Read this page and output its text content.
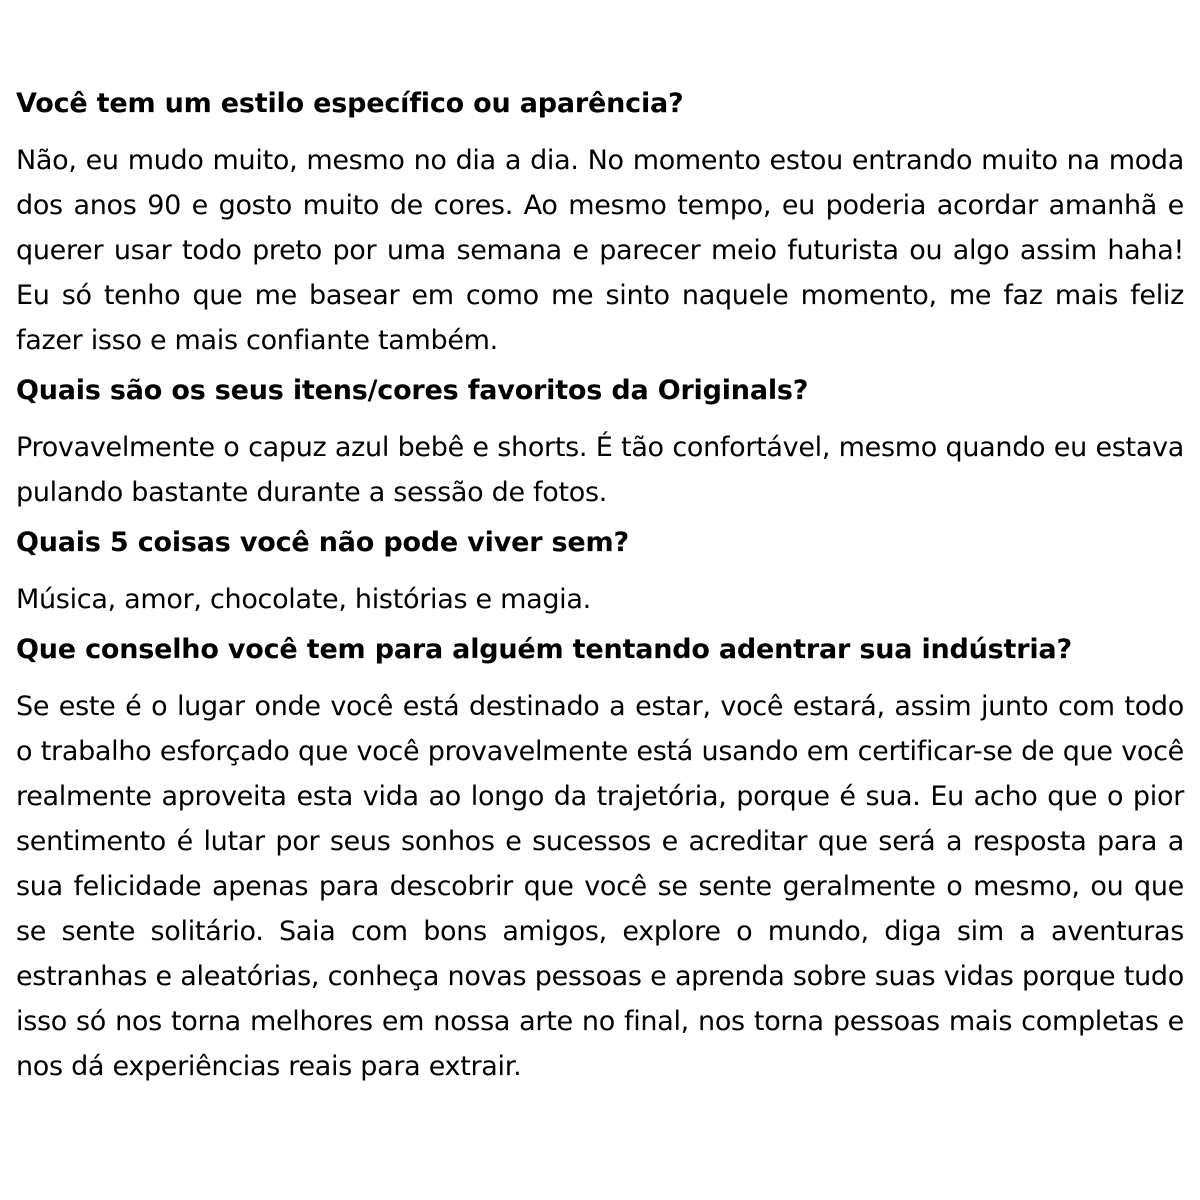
Você tem um estilo específico ou aparência?

Não, eu mudo muito, mesmo no dia a dia. No momento estou entrando muito na moda dos anos 90 e gosto muito de cores. Ao mesmo tempo, eu poderia acordar amanhã e querer usar todo preto por uma semana e parecer meio futurista ou algo assim haha! Eu só tenho que me basear em como me sinto naquele momento, me faz mais feliz fazer isso e mais confiante também.

Quais são os seus itens/cores favoritos da Originals?

Provavelmente o capuz azul bebê e shorts. É tão confortável, mesmo quando eu estava pulando bastante durante a sessão de fotos.

Quais 5 coisas você não pode viver sem?

Música, amor, chocolate, histórias e magia.

Que conselho você tem para alguém tentando adentrar sua indústria?

Se este é o lugar onde você está destinado a estar, você estará, assim junto com todo o trabalho esforçado que você provavelmente está usando em certificar-se de que você realmente aproveita esta vida ao longo da trajetória, porque é sua. Eu acho que o pior sentimento é lutar por seus sonhos e sucessos e acreditar que será a resposta para a sua felicidade apenas para descobrir que você se sente geralmente o mesmo, ou que se sente solitário. Saia com bons amigos, explore o mundo, diga sim a aventuras estranhas e aleatórias, conheça novas pessoas e aprenda sobre suas vidas porque tudo isso só nos torna melhores em nossa arte no final, nos torna pessoas mais completas e nos dá experiências reais para extrair.
